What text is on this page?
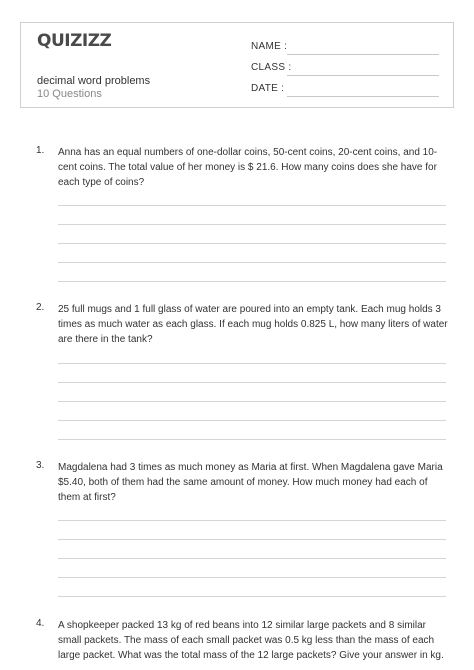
QUIZIZZ
decimal word problems
10 Questions
NAME :
CLASS :
DATE :
1. Anna has an equal numbers of one-dollar coins, 50-cent coins, 20-cent coins, and 10-cent coins. The total value of her money is $ 21.6. How many coins does she have for each type of coins?
2. 25 full mugs and 1 full glass of water are poured into an empty tank. Each mug holds 3 times as much water as each glass. If each mug holds 0.825 L, how many liters of water are there in the tank?
3. Magdalena had 3 times as much money as Maria at first. When Magdalena gave Maria $5.40, both of them had the same amount of money. How much money had each of them at first?
4. A shopkeeper packed 13 kg of red beans into 12 similar large packets and 8 similar small packets. The mass of each small packet was 0.5 kg less than the mass of each large packet. What was the total mass of the 12 large packets? Give your answer in kg.
